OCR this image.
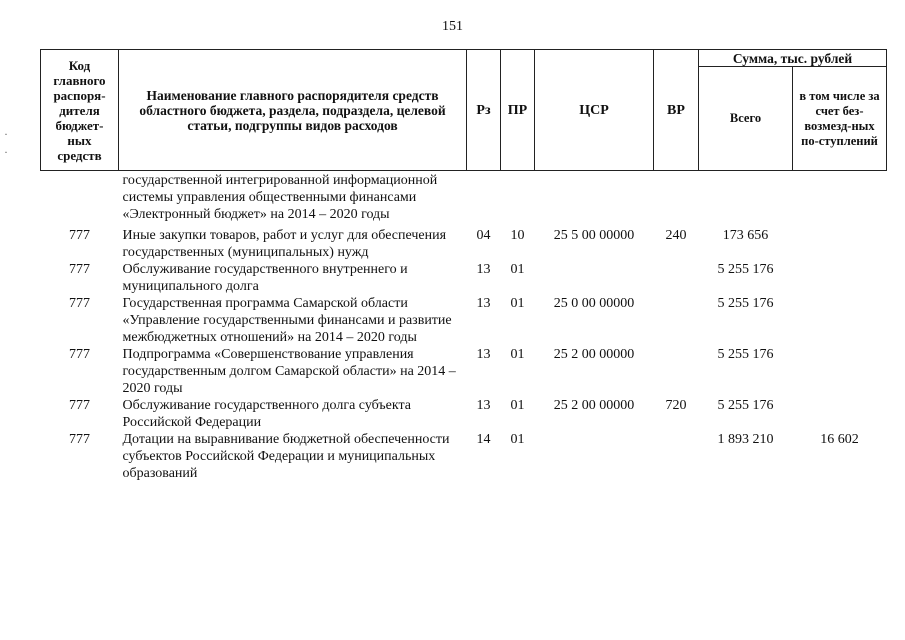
151
·
·
Код главного распоря-дителя бюджет-ных средств	Наименование главного распорядителя средств областного бюджета, раздела, подраздела, целевой статьи, подгруппы видов расходов	Рз	ПР	ЦСР	ВР	Сумма, тыс. рублей	
						Всего	в том числе за счет без-возмезд-ных по-ступлений
	государственной интегрированной информационной системы управления общественными финансами «Электронный бюджет» на 2014 – 2020 годы						
777	Иные закупки товаров, работ и услуг для обеспечения государственных (муниципальных) нужд	04	10	25 5 00 00000	240	173 656	
777	Обслуживание государственного внутреннего и муниципального долга	13	01			5 255 176	
777	Государственная программа Самарской области «Управление государственными финансами и развитие межбюджетных отношений» на 2014 – 2020 годы	13	01	25 0 00 00000		5 255 176	
777	Подпрограмма «Совершенствование управления государственным долгом Самарской области» на 2014 – 2020 годы	13	01	25 2 00 00000		5 255 176	
777	Обслуживание государственного долга субъекта Российской Федерации	13	01	25 2 00 00000	720	5 255 176	
777	Дотации на выравнивание бюджетной обеспеченности субъектов Российской Федерации и муниципальных образований	14	01			1 893 210	16 602
